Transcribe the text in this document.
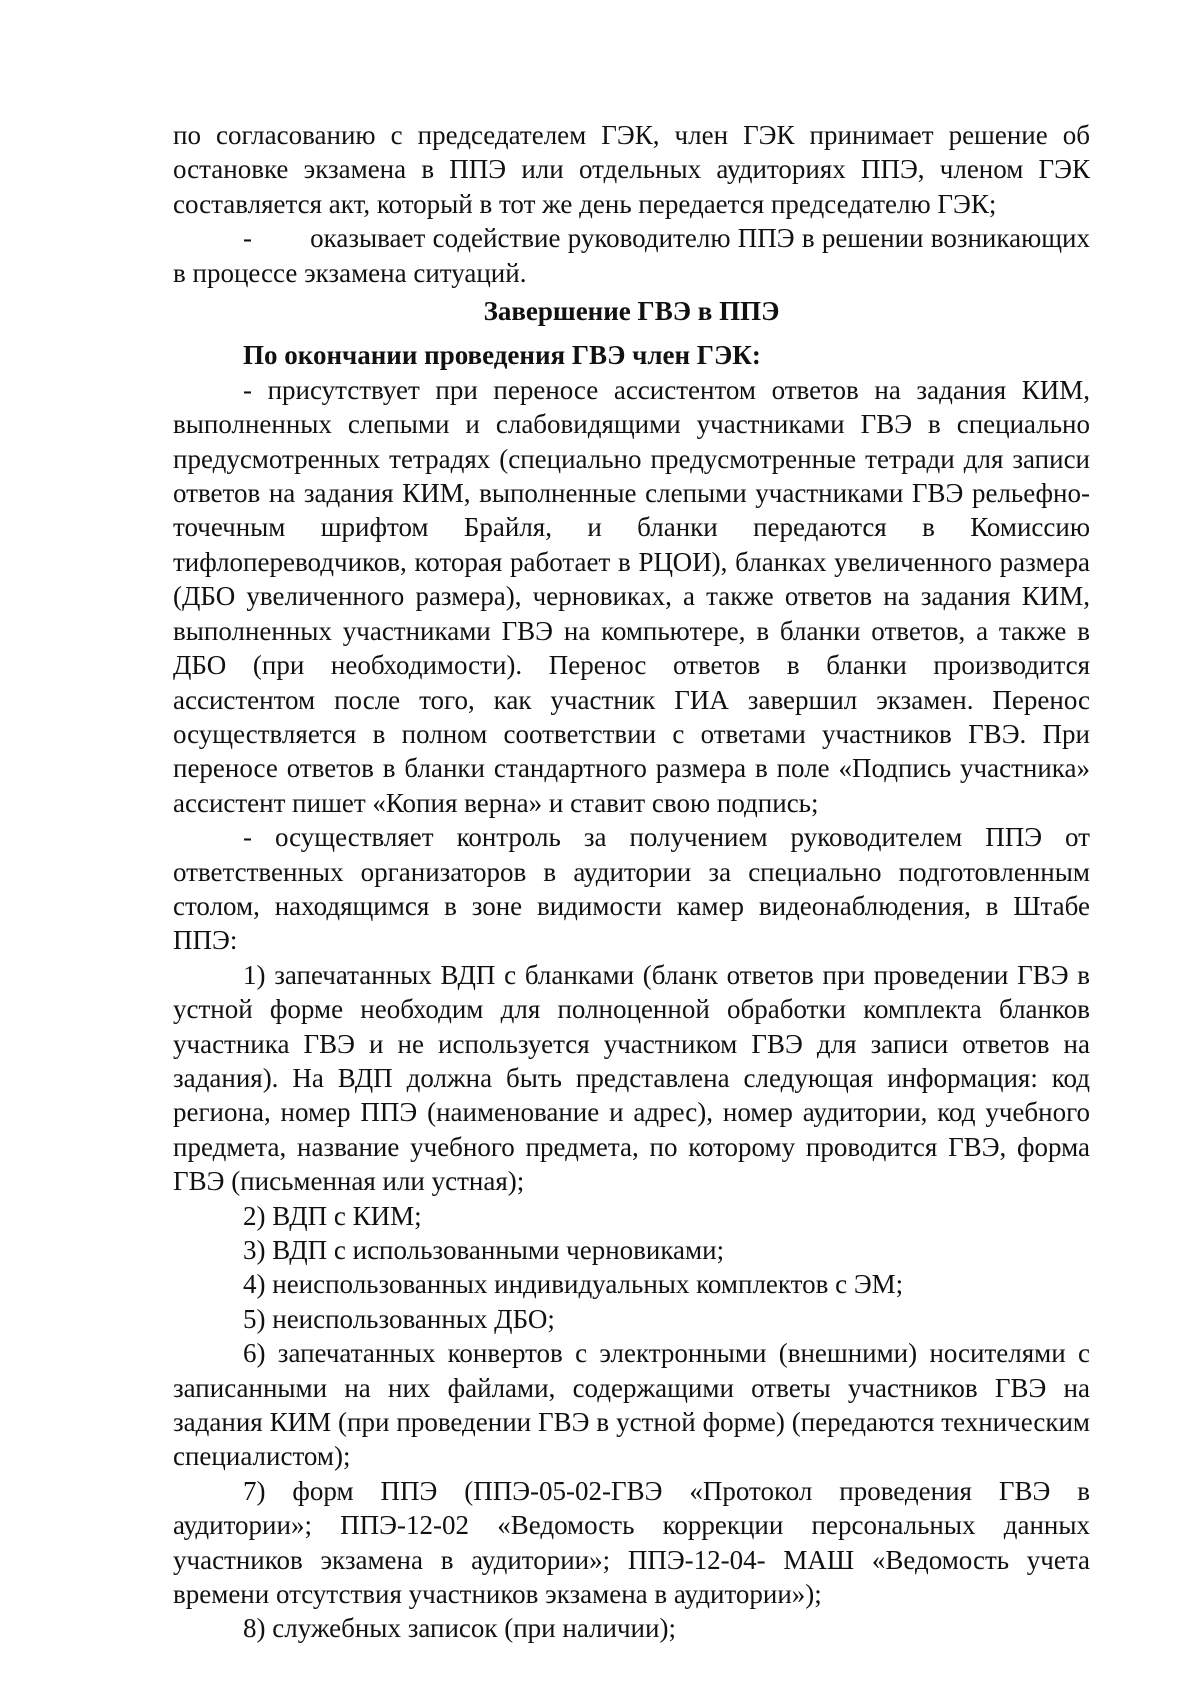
по согласованию с председателем ГЭК, член ГЭК принимает решение об остановке экзамена в ППЭ или отдельных аудиториях ППЭ, членом ГЭК составляется акт, который в тот же день передается председателю ГЭК;

-        оказывает содействие руководителю ППЭ в решении возникающих в процессе экзамена ситуаций.

Завершение ГВЭ в ППЭ

По окончании проведения ГВЭ член ГЭК:

- присутствует при переносе ассистентом ответов на задания КИМ, выполненных слепыми и слабовидящими участниками ГВЭ в специально предусмотренных тетрадях (специально предусмотренные тетради для записи ответов на задания КИМ, выполненные слепыми участниками ГВЭ рельефно-точечным шрифтом Брайля, и бланки передаются в Комиссию тифлопереводчиков, которая работает в РЦОИ), бланках увеличенного размера (ДБО увеличенного размера), черновиках, а также ответов на задания КИМ, выполненных участниками ГВЭ на компьютере, в бланки ответов, а также в ДБО (при необходимости). Перенос ответов в бланки производится ассистентом после того, как участник ГИА завершил экзамен. Перенос осуществляется в полном соответствии с ответами участников ГВЭ. При переносе ответов в бланки стандартного размера в поле «Подпись участника» ассистент пишет «Копия верна» и ставит свою подпись;

- осуществляет контроль за получением руководителем ППЭ от ответственных организаторов в аудитории за специально подготовленным столом, находящимся в зоне видимости камер видеонаблюдения, в Штабе ППЭ:

1) запечатанных ВДП с бланками (бланк ответов при проведении ГВЭ в устной форме необходим для полноценной обработки комплекта бланков участника ГВЭ и не используется участником ГВЭ для записи ответов на задания). На ВДП должна быть представлена следующая информация: код региона, номер ППЭ (наименование и адрес), номер аудитории, код учебного предмета, название учебного предмета, по которому проводится ГВЭ, форма ГВЭ (письменная или устная);

2) ВДП с КИМ;

3) ВДП с использованными черновиками;

4) неиспользованных индивидуальных комплектов с ЭМ;

5) неиспользованных ДБО;

6) запечатанных конвертов с электронными (внешними) носителями с записанными на них файлами, содержащими ответы участников ГВЭ на задания КИМ (при проведении ГВЭ в устной форме) (передаются техническим специалистом);

7) форм ППЭ (ППЭ-05-02-ГВЭ «Протокол проведения ГВЭ в аудитории»; ППЭ-12-02 «Ведомость коррекции персональных данных участников экзамена в аудитории»; ППЭ-12-04- МАШ «Ведомость учета времени отсутствия участников экзамена в аудитории»);

8) служебных записок (при наличии);
